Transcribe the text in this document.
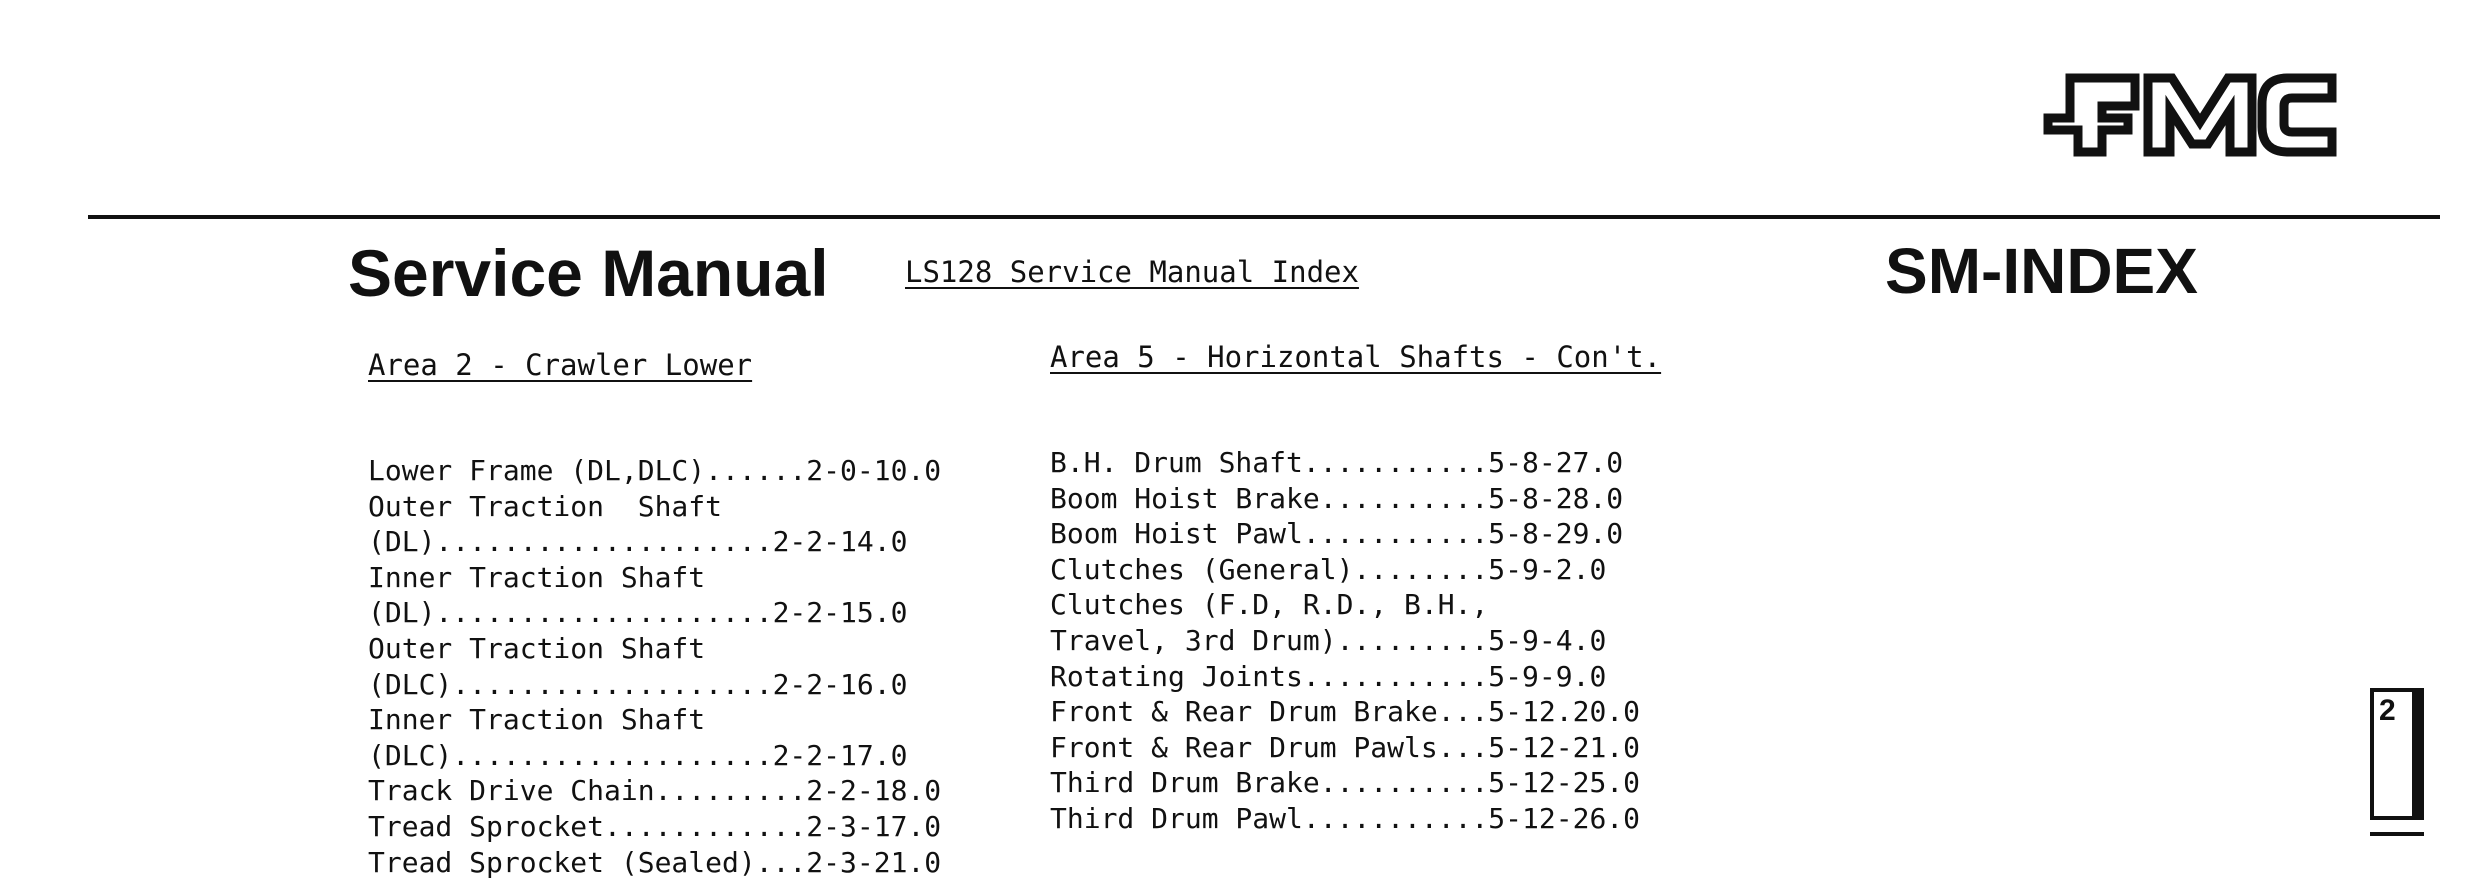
Service Manual	LS128 Service Manual Index	SM-INDEX
Area 2 - Crawler Lower
Lower Frame (DL,DLC)......2-0-10.0
Outer Traction  Shaft
(DL)....................2-2-14.0
Inner Traction Shaft
(DL)....................2-2-15.0
Outer Traction Shaft
(DLC)...................2-2-16.0
Inner Traction Shaft
(DLC)...................2-2-17.0
Track Drive Chain.........2-2-18.0
Tread Sprocket............2-3-17.0
Tread Sprocket (Sealed)...2-3-21.0
Area 5 - Horizontal Shafts - Con't.
B.H. Drum Shaft...........5-8-27.0
Boom Hoist Brake..........5-8-28.0
Boom Hoist Pawl...........5-8-29.0
Clutches (General)........5-9-2.0
Clutches (F.D, R.D., B.H.,
Travel, 3rd Drum).........5-9-4.0
Rotating Joints...........5-9-9.0
Front & Rear Drum Brake...5-12.20.0
Front & Rear Drum Pawls...5-12-21.0
Third Drum Brake..........5-12-25.0
Third Drum Pawl...........5-12-26.0
2
